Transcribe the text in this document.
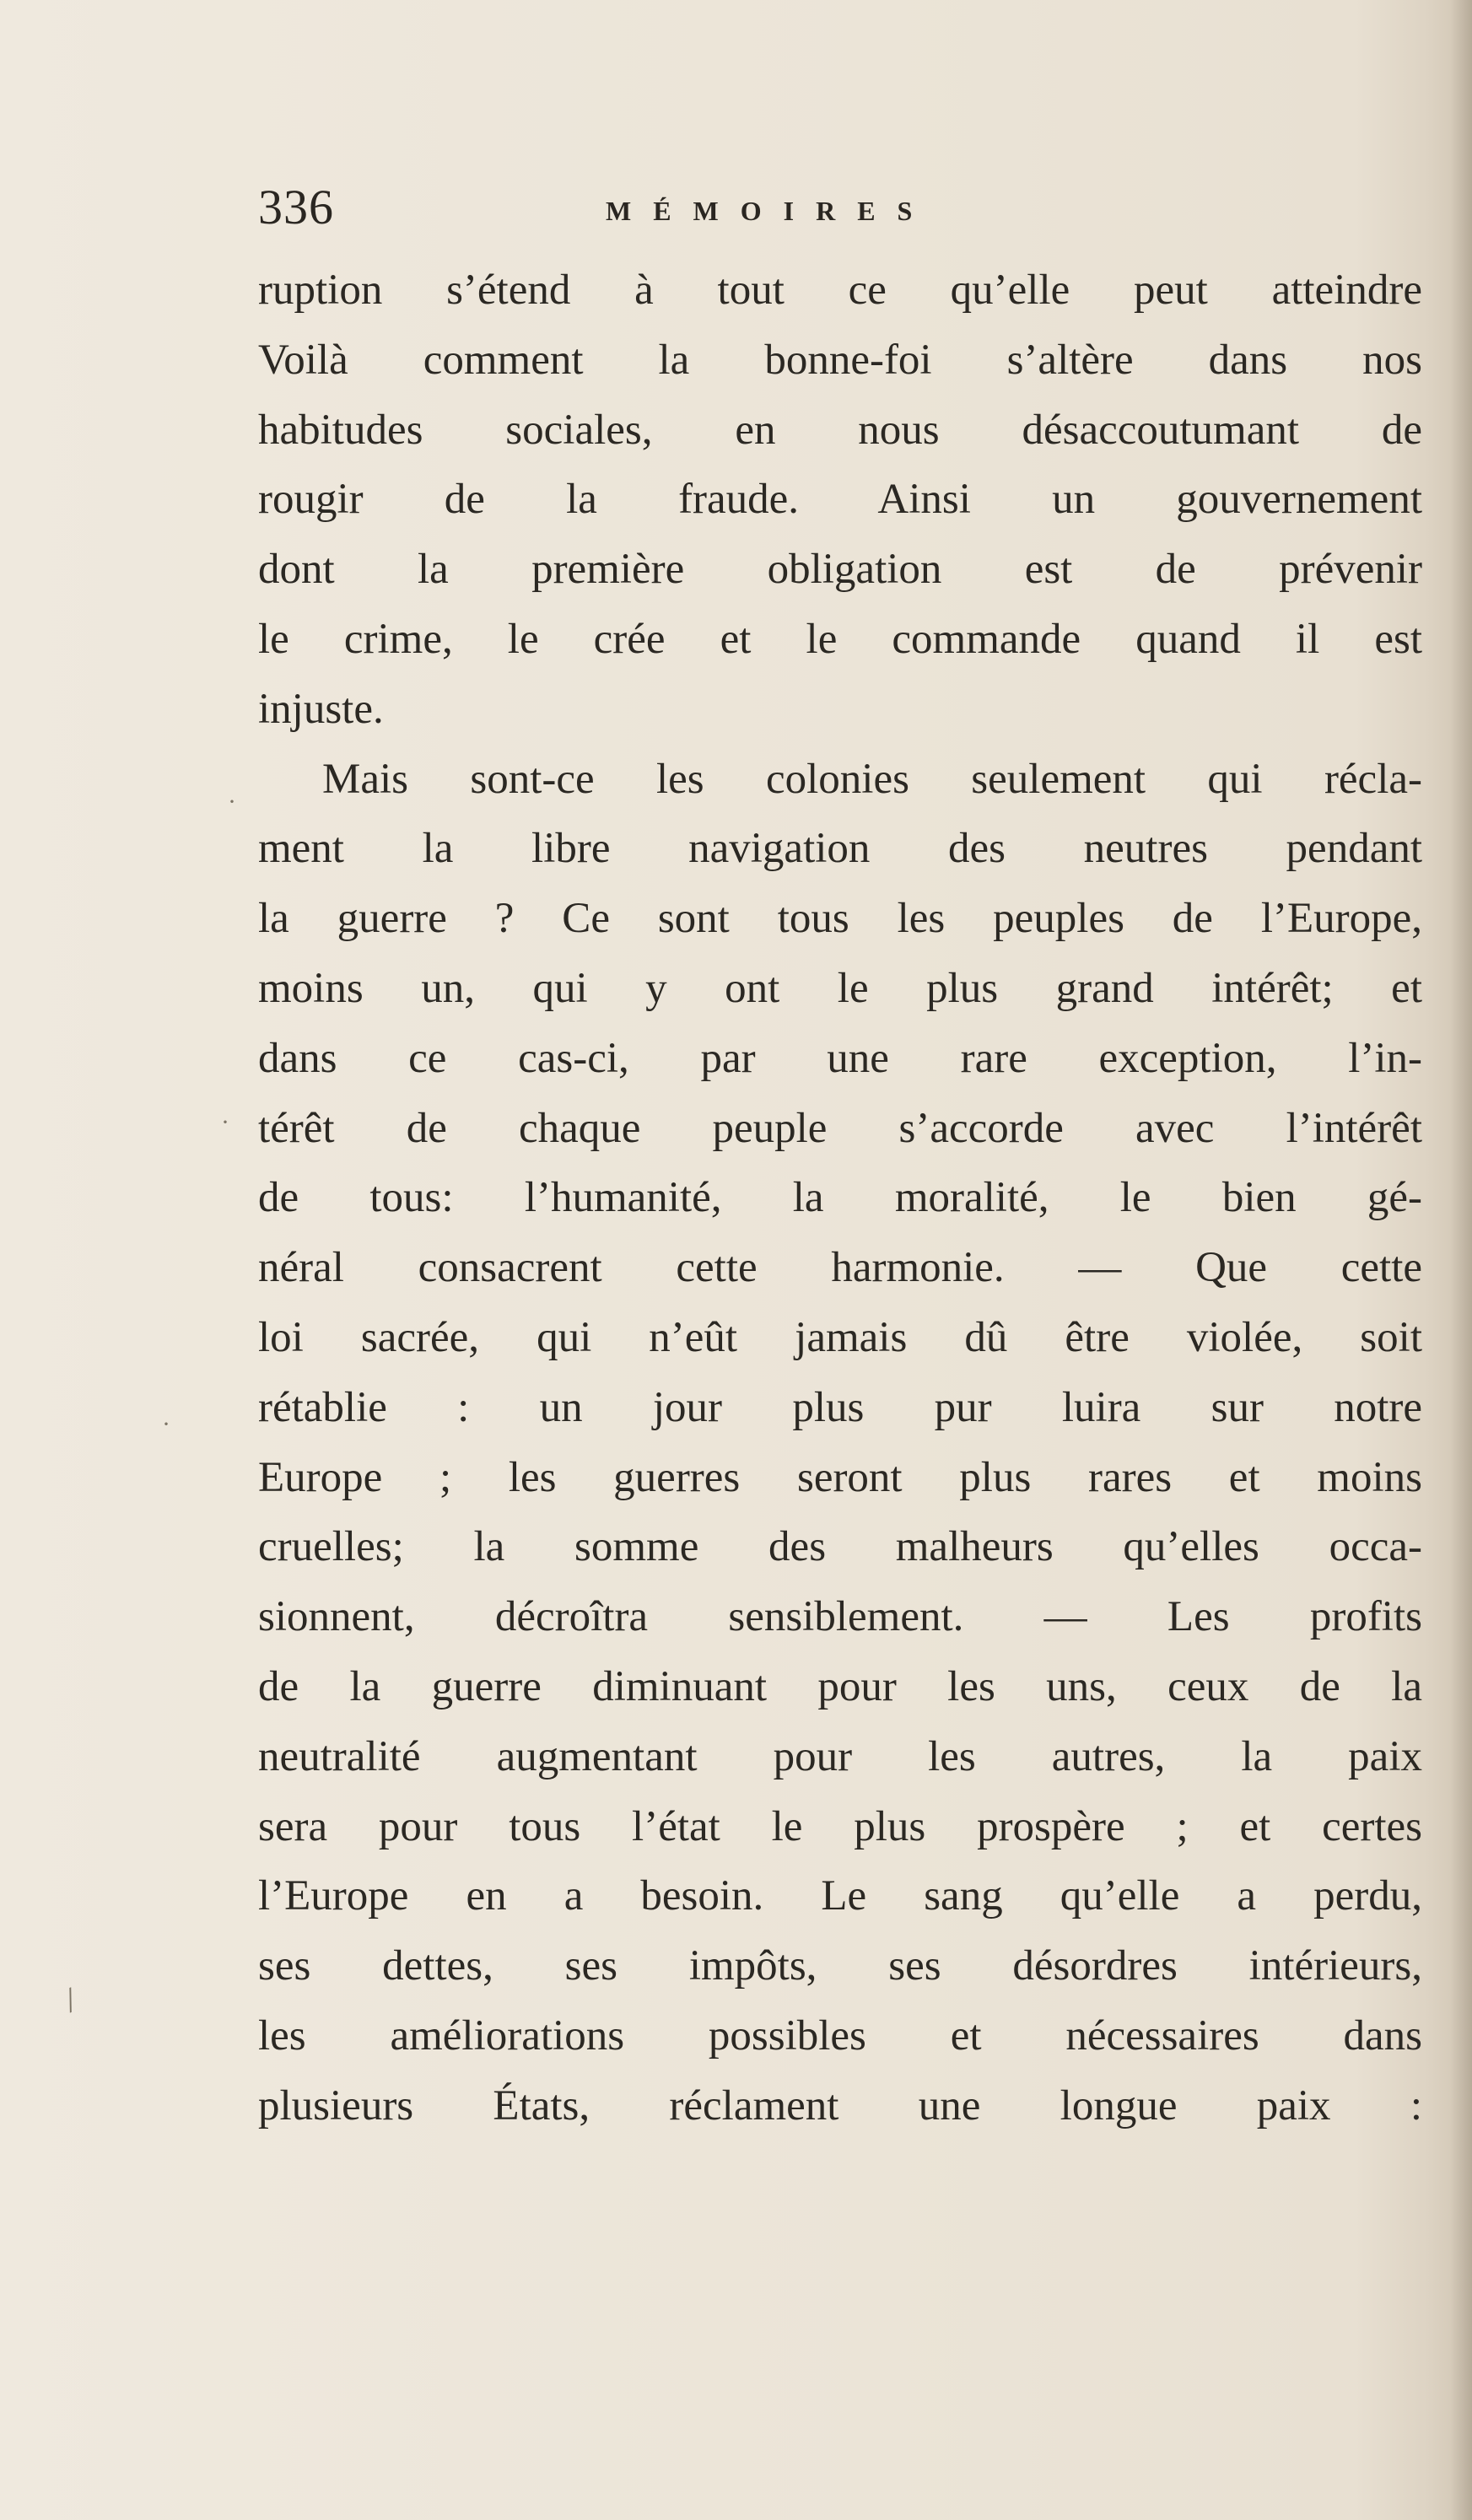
336	MÉMOIRES
ruption s’étend à tout ce qu’elle peut atteindre
Voilà comment la bonne-foi s’altère dans nos
habitudes sociales, en nous désaccoutumant de
rougir de la fraude. Ainsi un gouvernement
dont la première obligation est de prévenir
le crime, le crée et le commande quand il est
injuste.
Mais sont-ce les colonies seulement qui récla-
ment la libre navigation des neutres pendant
la guerre ? Ce sont tous les peuples de l’Europe,
moins un, qui y ont le plus grand intérêt; et
dans ce cas-ci, par une rare exception, l’in-
térêt de chaque peuple s’accorde avec l’intérêt
de tous: l’humanité, la moralité, le bien gé-
néral consacrent cette harmonie. — Que cette
loi sacrée, qui n’eût jamais dû être violée, soit
rétablie : un jour plus pur luira sur notre
Europe ; les guerres seront plus rares et moins
cruelles; la somme des malheurs qu’elles occa-
sionnent, décroîtra sensiblement. — Les profits
de la guerre diminuant pour les uns, ceux de la
neutralité augmentant pour les autres, la paix
sera pour tous l’état le plus prospère ; et certes
l’Europe en a besoin. Le sang qu’elle a perdu,
ses dettes, ses impôts, ses désordres intérieurs,
les améliorations possibles et nécessaires dans
plusieurs États, réclament une longue paix :
/
·
·
·
